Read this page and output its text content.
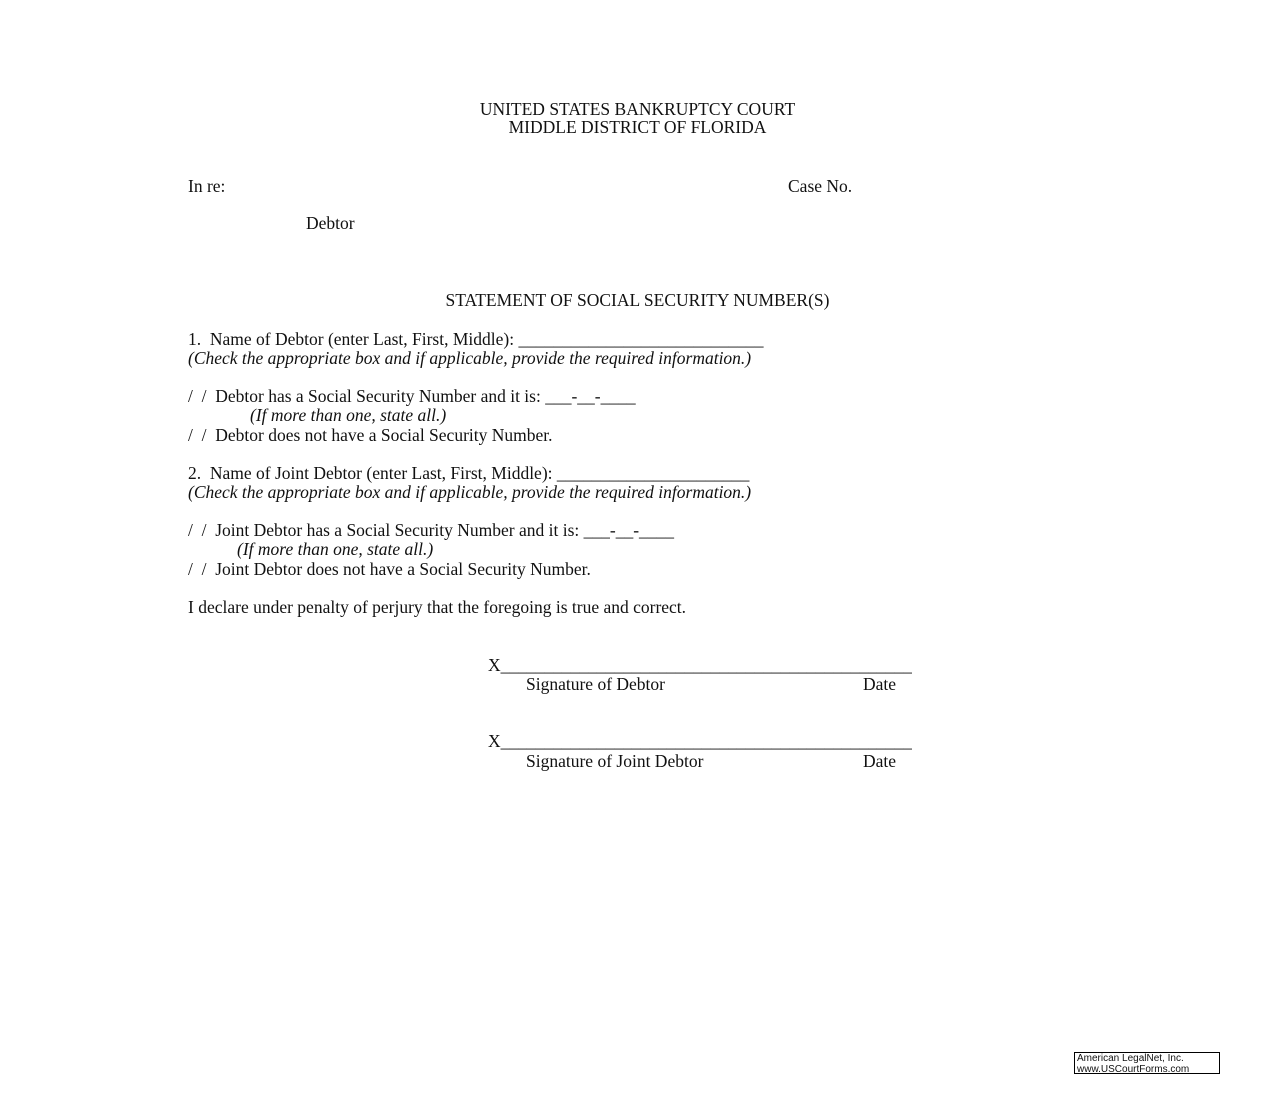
UNITED STATES BANKRUPTCY COURT
MIDDLE DISTRICT OF FLORIDA
In re:	Case No.
Debtor
STATEMENT OF SOCIAL SECURITY NUMBER(S)
1.  Name of Debtor (enter Last, First, Middle): ____________________________
(Check the appropriate box and if applicable, provide the required information.)
/  /  Debtor has a Social Security Number and it is: ___-__-____
(If more than one, state all.)
/  /  Debtor does not have a Social Security Number.
2.  Name of Joint Debtor (enter Last, First, Middle): ______________________
(Check the appropriate box and if applicable, provide the required information.)
/  /  Joint Debtor has a Social Security Number and it is: ___-__-____
(If more than one, state all.)
/  /  Joint Debtor does not have a Social Security Number.
I declare under penalty of perjury that the foregoing is true and correct.
X_______________________________________________
Signature of Debtor	Date
X_______________________________________________
Signature of Joint Debtor	Date
American LegalNet, Inc.
www.USCourtForms.com
